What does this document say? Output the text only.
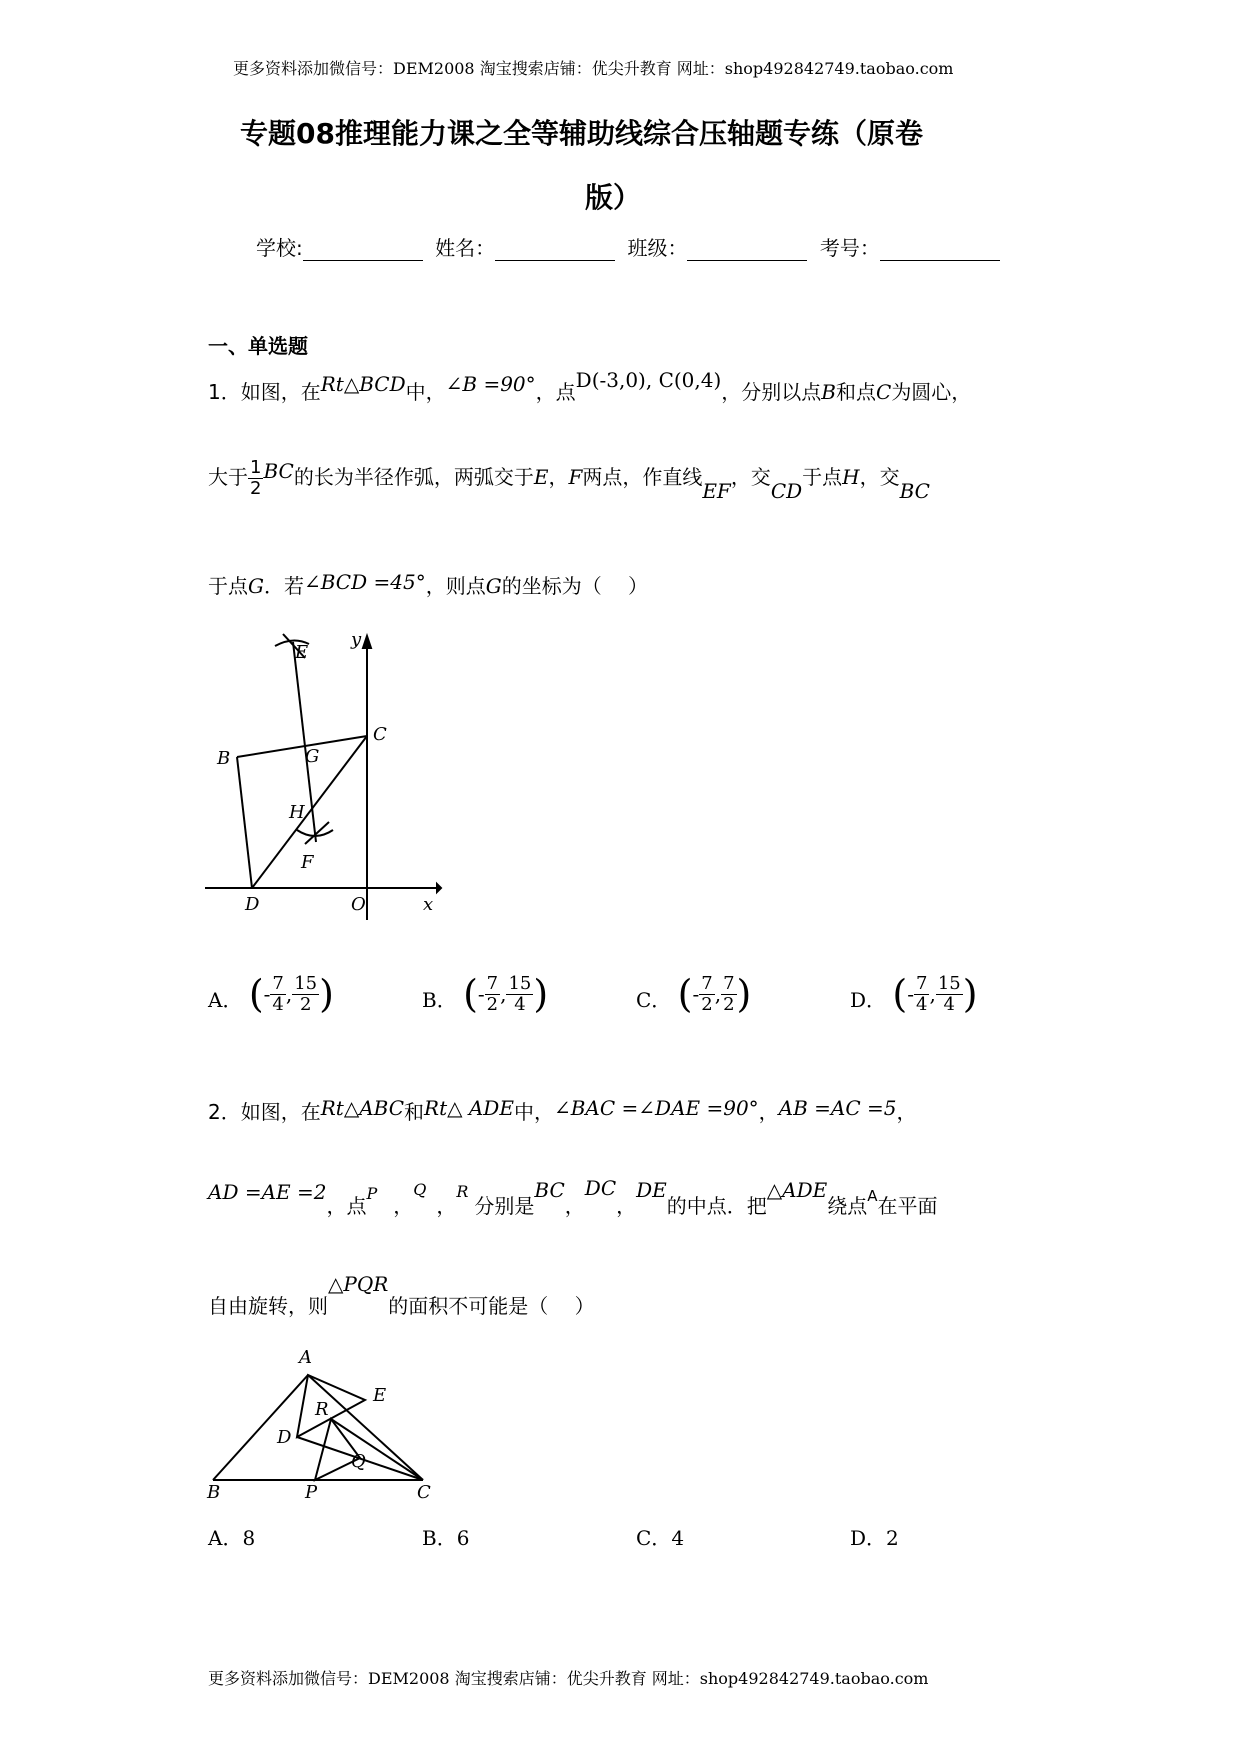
更多资料添加微信号：DEM2008 淘宝搜索店铺：优尖升教育 网址：shop492842749.taobao.com
专题08推理能力课之全等辅助线综合压轴题专练（原卷
版）
学校:	姓名：	班级：	考号：
一、单选题
1．如图，在Rt△BCD中，∠B =90°，点D(-3,0), C(0,4)，分别以点B和点C为圆心，
大于 $\frac{1}{2}$ BC的长为半径作弧，两弧交于E，F两点，作直线EF，交CD于点H，交BC
于点G．若∠BCD =45°，则点G的坐标为（　 ）
y
E
C
B	G
H
F
D	O	x
A． ( - $\frac{7}{4}$ , $\frac{15}{2}$ )	B． ( - $\frac{7}{2}$ , $\frac{15}{4}$ )	C． ( - $\frac{7}{2}$ , $\frac{7}{2}$ )	D． ( - $\frac{7}{4}$ , $\frac{15}{4}$ )
2．如图，在Rt△ABC和Rt△ ADE中，∠BAC =∠DAE =90°，AB =AC =5，
AD =AE =2，点$^P$，$^Q$，$^R$分别是BC，DC，DE的中点．把△ADE绕点$^A$在平面
自由旋转，则△PQR的面积不可能是（　 ）
A
E
R
D
Q
B	P	C
A．8	B．6	C．4	D．2
更多资料添加微信号：DEM2008 淘宝搜索店铺：优尖升教育 网址：shop492842749.taobao.com
